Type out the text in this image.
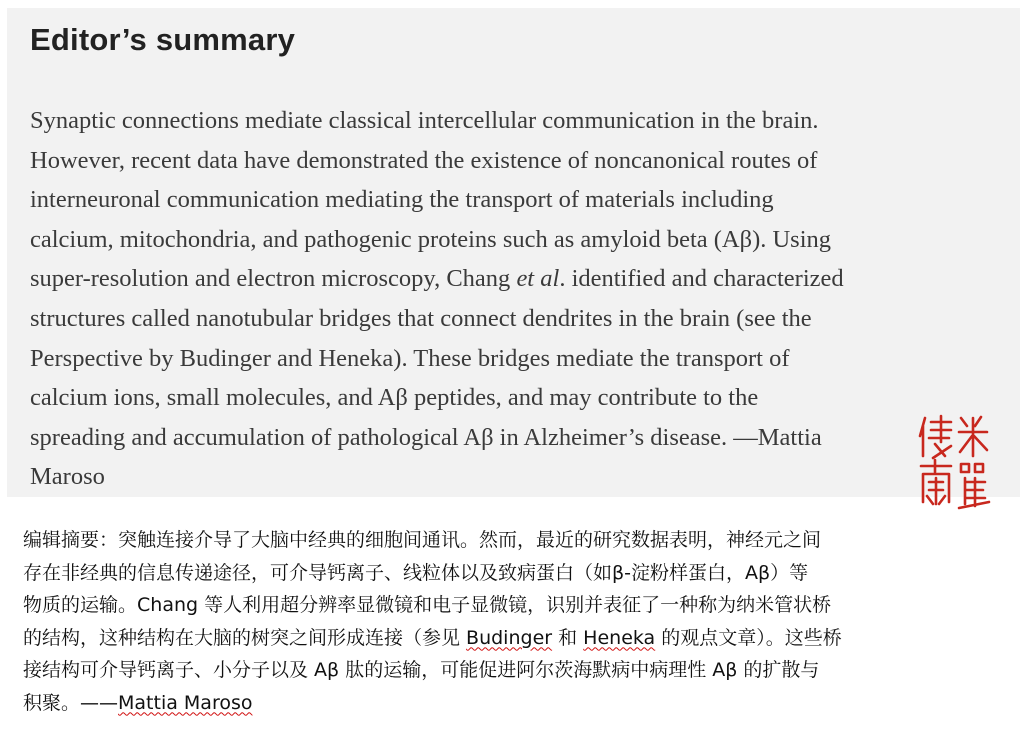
Editor’s summary

Synaptic connections mediate classical intercellular communication in the brain.
However, recent data have demonstrated the existence of noncanonical routes of
interneuronal communication mediating the transport of materials including
calcium, mitochondria, and pathogenic proteins such as amyloid beta (Aβ). Using
super-resolution and electron microscopy, Chang et al. identified and characterized
structures called nanotubular bridges that connect dendrites in the brain (see the
Perspective by Budinger and Heneka). These bridges mediate the transport of
calcium ions, small molecules, and Aβ peptides, and may contribute to the
spreading and accumulation of pathological Aβ in Alzheimer’s disease. —Mattia
Maroso

编辑摘要：突触连接介导了大脑中经典的细胞间通讯。然而，最近的研究数据表明，神经元之间
存在非经典的信息传递途径，可介导钙离子、线粒体以及致病蛋白（如β-淀粉样蛋白，Aβ）等
物质的运输。Chang 等人利用超分辨率显微镜和电子显微镜，识别并表征了一种称为纳米管状桥
的结构，这种结构在大脑的树突之间形成连接（参见 Budinger 和 Heneka 的观点文章）。这些桥
接结构可介导钙离子、小分子以及 Aβ 肽的运输，可能促进阿尔茨海默病中病理性 Aβ 的扩散与
积聚。——Mattia Maroso
